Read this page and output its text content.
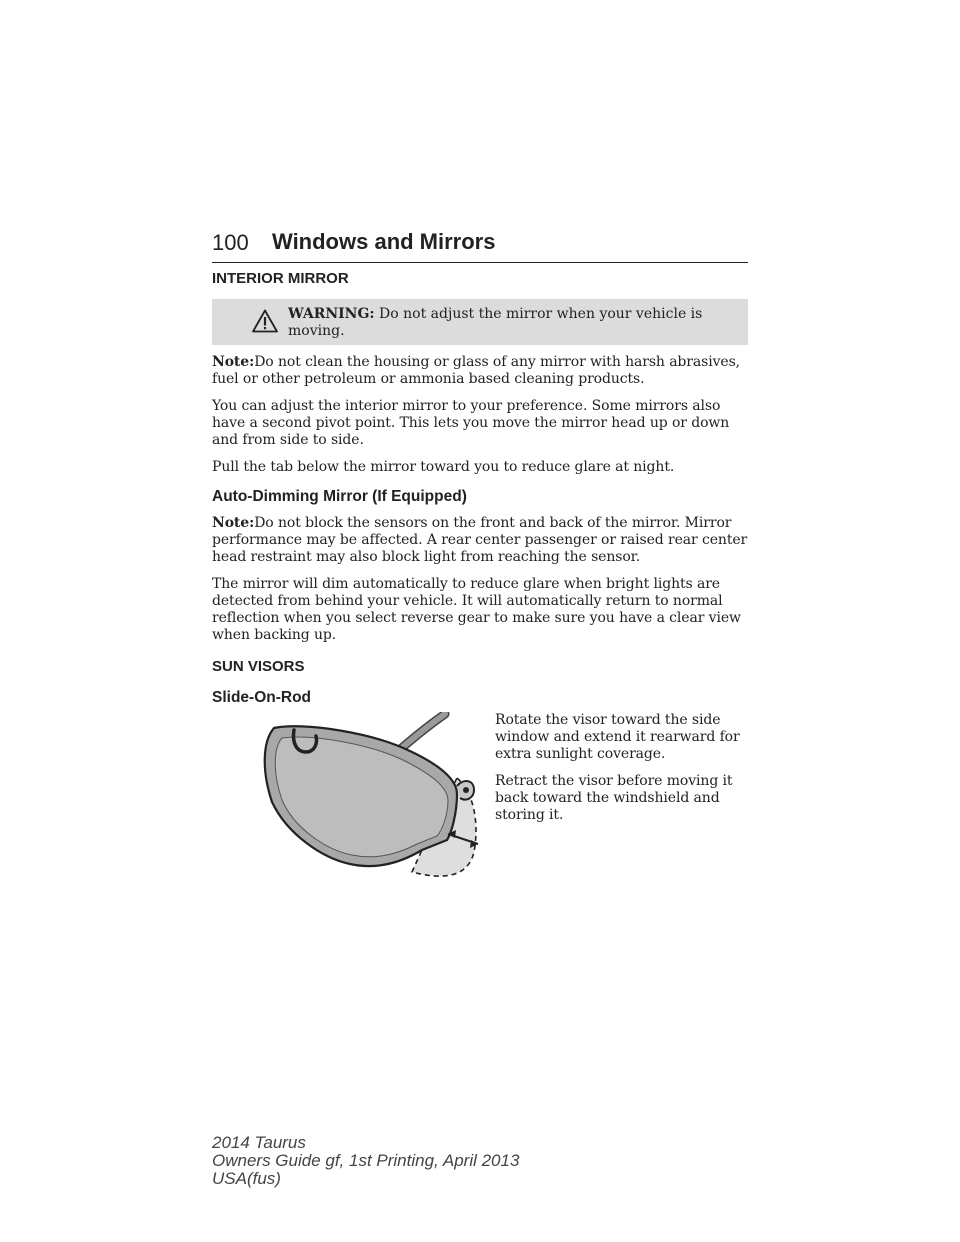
100 Windows and Mirrors
INTERIOR MIRROR
WARNING: Do not adjust the mirror when your vehicle is moving.

Note:Do not clean the housing or glass of any mirror with harsh abrasives, fuel or other petroleum or ammonia based cleaning products.

You can adjust the interior mirror to your preference. Some mirrors also have a second pivot point. This lets you move the mirror head up or down and from side to side.

Pull the tab below the mirror toward you to reduce glare at night.

Auto-Dimming Mirror (If Equipped)

Note:Do not block the sensors on the front and back of the mirror. Mirror performance may be affected. A rear center passenger or raised rear center head restraint may also block light from reaching the sensor.

The mirror will dim automatically to reduce glare when bright lights are detected from behind your vehicle. It will automatically return to normal reflection when you select reverse gear to make sure you have a clear view when backing up.

SUN VISORS
Slide-On-Rod

Rotate the visor toward the side window and extend it rearward for extra sunlight coverage.

Retract the visor before moving it back toward the windshield and storing it.

2014 Taurus
Owners Guide gf, 1st Printing, April 2013
USA(fus)
